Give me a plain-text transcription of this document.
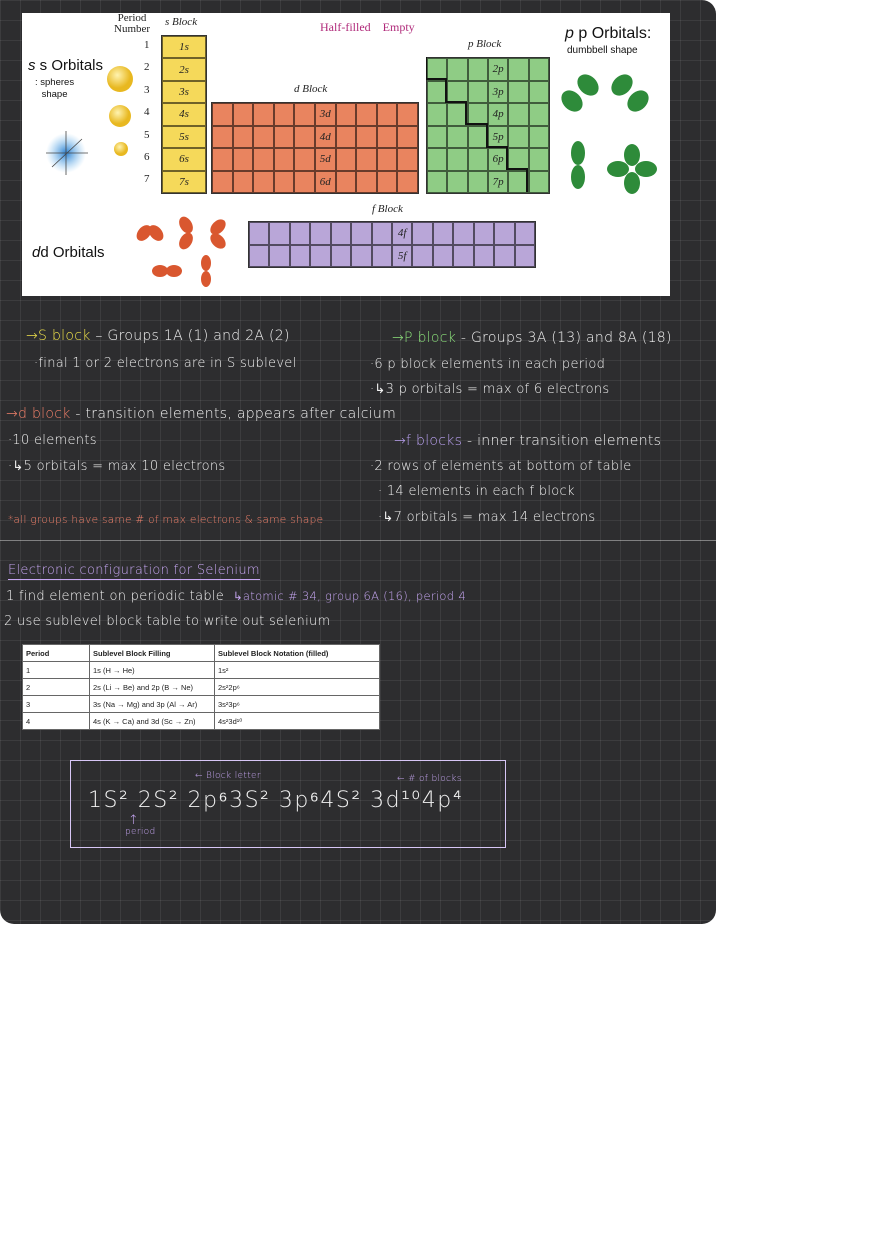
Period
Number
1
2
3
4
5
6
7
s Block
1s
2s
3s
4s
5s
6s
7s
Half-filled Empty
d Block
3d
4d
5d
6d
p Block
2p
3p
4p
5p
6p
7p
f Block
4f
5f
s s Orbitals
: spheres
shape
p p Orbitals:
dumbbell shape
dd Orbitals
→S block – Groups 1A (1) and 2A (2)
·final 1 or 2 electrons are in S sublevel
→P block - Groups 3A (13) and 8A (18)
·6 p block elements in each period
·↳3 p orbitals = max of 6 electrons
→d block - transition elements, appears after calcium
·10 elements
·↳5 orbitals = max 10 electrons
→f blocks - inner transition elements
·2 rows of elements at bottom of table
· 14 elements in each f block
·↳7 orbitals = max 14 electrons
*all groups have same # of max electrons & same shape
Electronic configuration for Selenium
1 find element on periodic table ↳atomic # 34, group 6A (16), period 4
2 use sublevel block table to write out selenium
Period	Sublevel Block Filling	Sublevel Block Notation (filled)
1	1s (H → He)	1s²
2	2s (Li → Be) and 2p (B → Ne)	2s²2p⁶
3	3s (Na → Mg) and 3p (Al → Ar)	3s²3p⁶
4	4s (K → Ca) and 3d (Sc → Zn)	4s²3d¹⁰
1S² 2S² 2p⁶3S² 3p⁶4S² 3d¹⁰4p⁴
← Block letter	← # of blocks
↑
period
